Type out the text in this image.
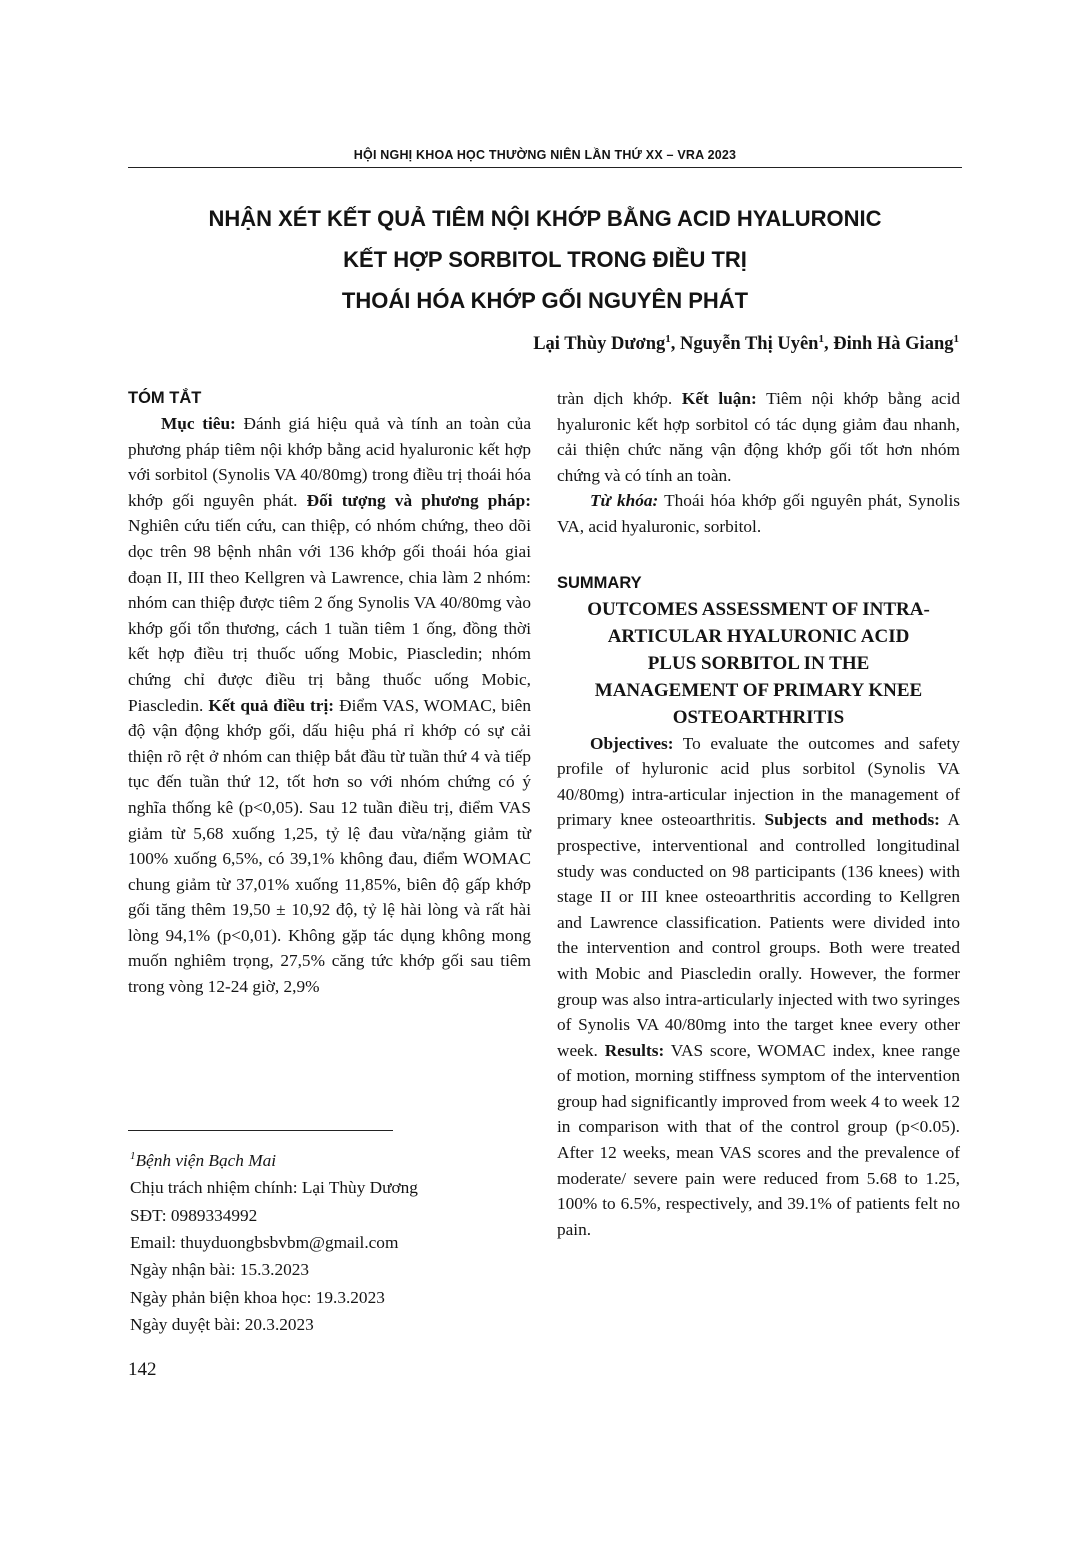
HỘI NGHỊ KHOA HỌC THƯỜNG NIÊN LẦN THỨ XX – VRA 2023
NHẬN XÉT KẾT QUẢ TIÊM NỘI KHỚP BẰNG ACID HYALURONIC
KẾT HỢP SORBITOL TRONG ĐIỀU TRỊ
THOÁI HÓA KHỚP GỐI NGUYÊN PHÁT
Lại Thùy Dương$^1$, Nguyễn Thị Uyên$^1$, Đinh Hà Giang$^1$
TÓM TẮT
Mục tiêu: Đánh giá hiệu quả và tính an toàn của phương pháp tiêm nội khớp bằng acid hyaluronic kết hợp với sorbitol (Synolis VA 40/80mg) trong điều trị thoái hóa khớp gối nguyên phát. Đối tượng và phương pháp: Nghiên cứu tiến cứu, can thiệp, có nhóm chứng, theo dõi dọc trên 98 bệnh nhân với 136 khớp gối thoái hóa giai đoạn II, III theo Kellgren và Lawrence, chia làm 2 nhóm: nhóm can thiệp được tiêm 2 ống Synolis VA 40/80mg vào khớp gối tổn thương, cách 1 tuần tiêm 1 ống, đồng thời kết hợp điều trị thuốc uống Mobic, Piascledin; nhóm chứng chỉ được điều trị bằng thuốc uống Mobic, Piascledin. Kết quả điều trị: Điểm VAS, WOMAC, biên độ vận động khớp gối, dấu hiệu phá rỉ khớp có sự cải thiện rõ rệt ở nhóm can thiệp bắt đầu từ tuần thứ 4 và tiếp tục đến tuần thứ 12, tốt hơn so với nhóm chứng có ý nghĩa thống kê (p<0,05). Sau 12 tuần điều trị, điểm VAS giảm từ 5,68 xuống 1,25, tỷ lệ đau vừa/nặng giảm từ 100% xuống 6,5%, có 39,1% không đau, điểm WOMAC chung giảm từ 37,01% xuống 11,85%, biên độ gấp khớp gối tăng thêm 19,50 ± 10,92 độ, tỷ lệ hài lòng và rất hài lòng 94,1% (p<0,01). Không gặp tác dụng không mong muốn nghiêm trọng, 27,5% căng tức khớp gối sau tiêm trong vòng 12-24 giờ, 2,9%
$^1$Bệnh viện Bạch Mai
Chịu trách nhiệm chính: Lại Thùy Dương
SĐT: 0989334992
Email: thuyduongbsbvbm@gmail.com
Ngày nhận bài: 15.3.2023
Ngày phản biện khoa học: 19.3.2023
Ngày duyệt bài: 20.3.2023
tràn dịch khớp. Kết luận: Tiêm nội khớp bằng acid hyaluronic kết hợp sorbitol có tác dụng giảm đau nhanh, cải thiện chức năng vận động khớp gối tốt hơn nhóm chứng và có tính an toàn.
Từ khóa: Thoái hóa khớp gối nguyên phát, Synolis VA, acid hyaluronic, sorbitol.
SUMMARY
OUTCOMES ASSESSMENT OF INTRA-
ARTICULAR HYALURONIC ACID
PLUS SORBITOL IN THE
MANAGEMENT OF PRIMARY KNEE
OSTEOARTHRITIS
Objectives: To evaluate the outcomes and safety profile of hyluronic acid plus sorbitol (Synolis VA 40/80mg) intra-articular injection in the management of primary knee osteoarthritis. Subjects and methods: A prospective, interventional and controlled longitudinal study was conducted on 98 participants (136 knees) with stage II or III knee osteoarthritis according to Kellgren and Lawrence classification. Patients were divided into the intervention and control groups. Both were treated with Mobic and Piascledin orally. However, the former group was also intra-articularly injected with two syringes of Synolis VA 40/80mg into the target knee every other week. Results: VAS score, WOMAC index, knee range of motion, morning stiffness symptom of the intervention group had significantly improved from week 4 to week 12 in comparison with that of the control group (p<0.05). After 12 weeks, mean VAS scores and the prevalence of moderate/ severe pain were reduced from 5.68 to 1.25, 100% to 6.5%, respectively, and 39.1% of patients felt no pain.
142
